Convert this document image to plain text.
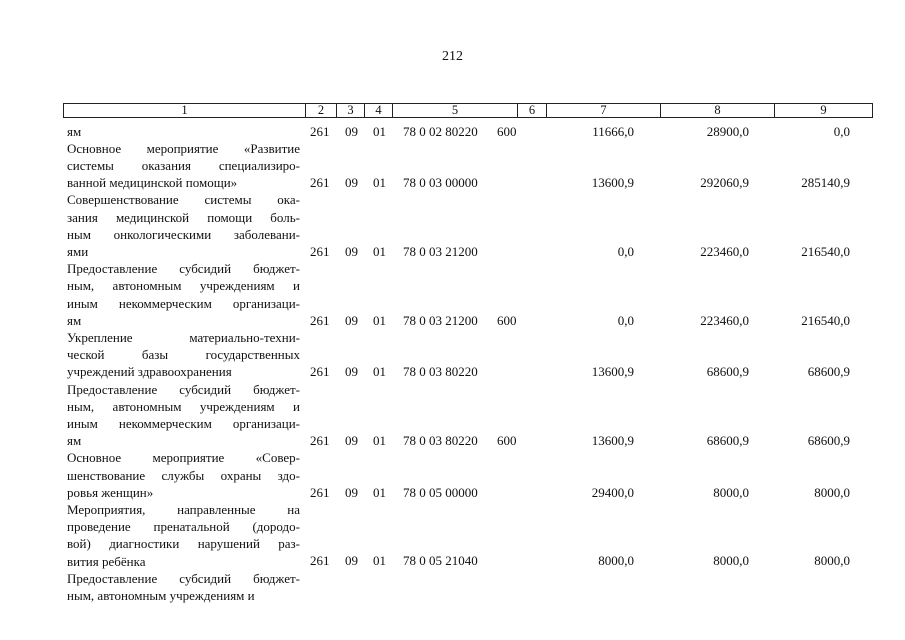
212
1	2	3	4	5	6	7	8	9
ям	261 09 01 78 0 02 80220 600	11666,0	28900,0	0,0
Основное мероприятие «Развитие
системы оказания специализиро-
ванной медицинской помощи»	261 09 01 78 0 03 00000	13600,9	292060,9	285140,9
Совершенствование системы ока-
зания медицинской помощи боль-
ным онкологическими заболевани-
ями	261 09 01 78 0 03 21200	0,0	223460,0	216540,0
Предоставление субсидий бюджет-
ным, автономным учреждениям и
иным некоммерческим организаци-
ям	261 09 01 78 0 03 21200 600	0,0	223460,0	216540,0
Укрепление материально-техни-
ческой базы государственных
учреждений здравоохранения	261 09 01 78 0 03 80220	13600,9	68600,9	68600,9
Предоставление субсидий бюджет-
ным, автономным учреждениям и
иным некоммерческим организаци-
ям	261 09 01 78 0 03 80220 600	13600,9	68600,9	68600,9
Основное мероприятие «Совер-
шенствование службы охраны здо-
ровья женщин»	261 09 01 78 0 05 00000	29400,0	8000,0	8000,0
Мероприятия, направленные на
проведение пренатальной (дородо-
вой) диагностики нарушений раз-
вития ребёнка	261 09 01 78 0 05 21040	8000,0	8000,0	8000,0
Предоставление субсидий бюджет-
ным, автономным учреждениям и
